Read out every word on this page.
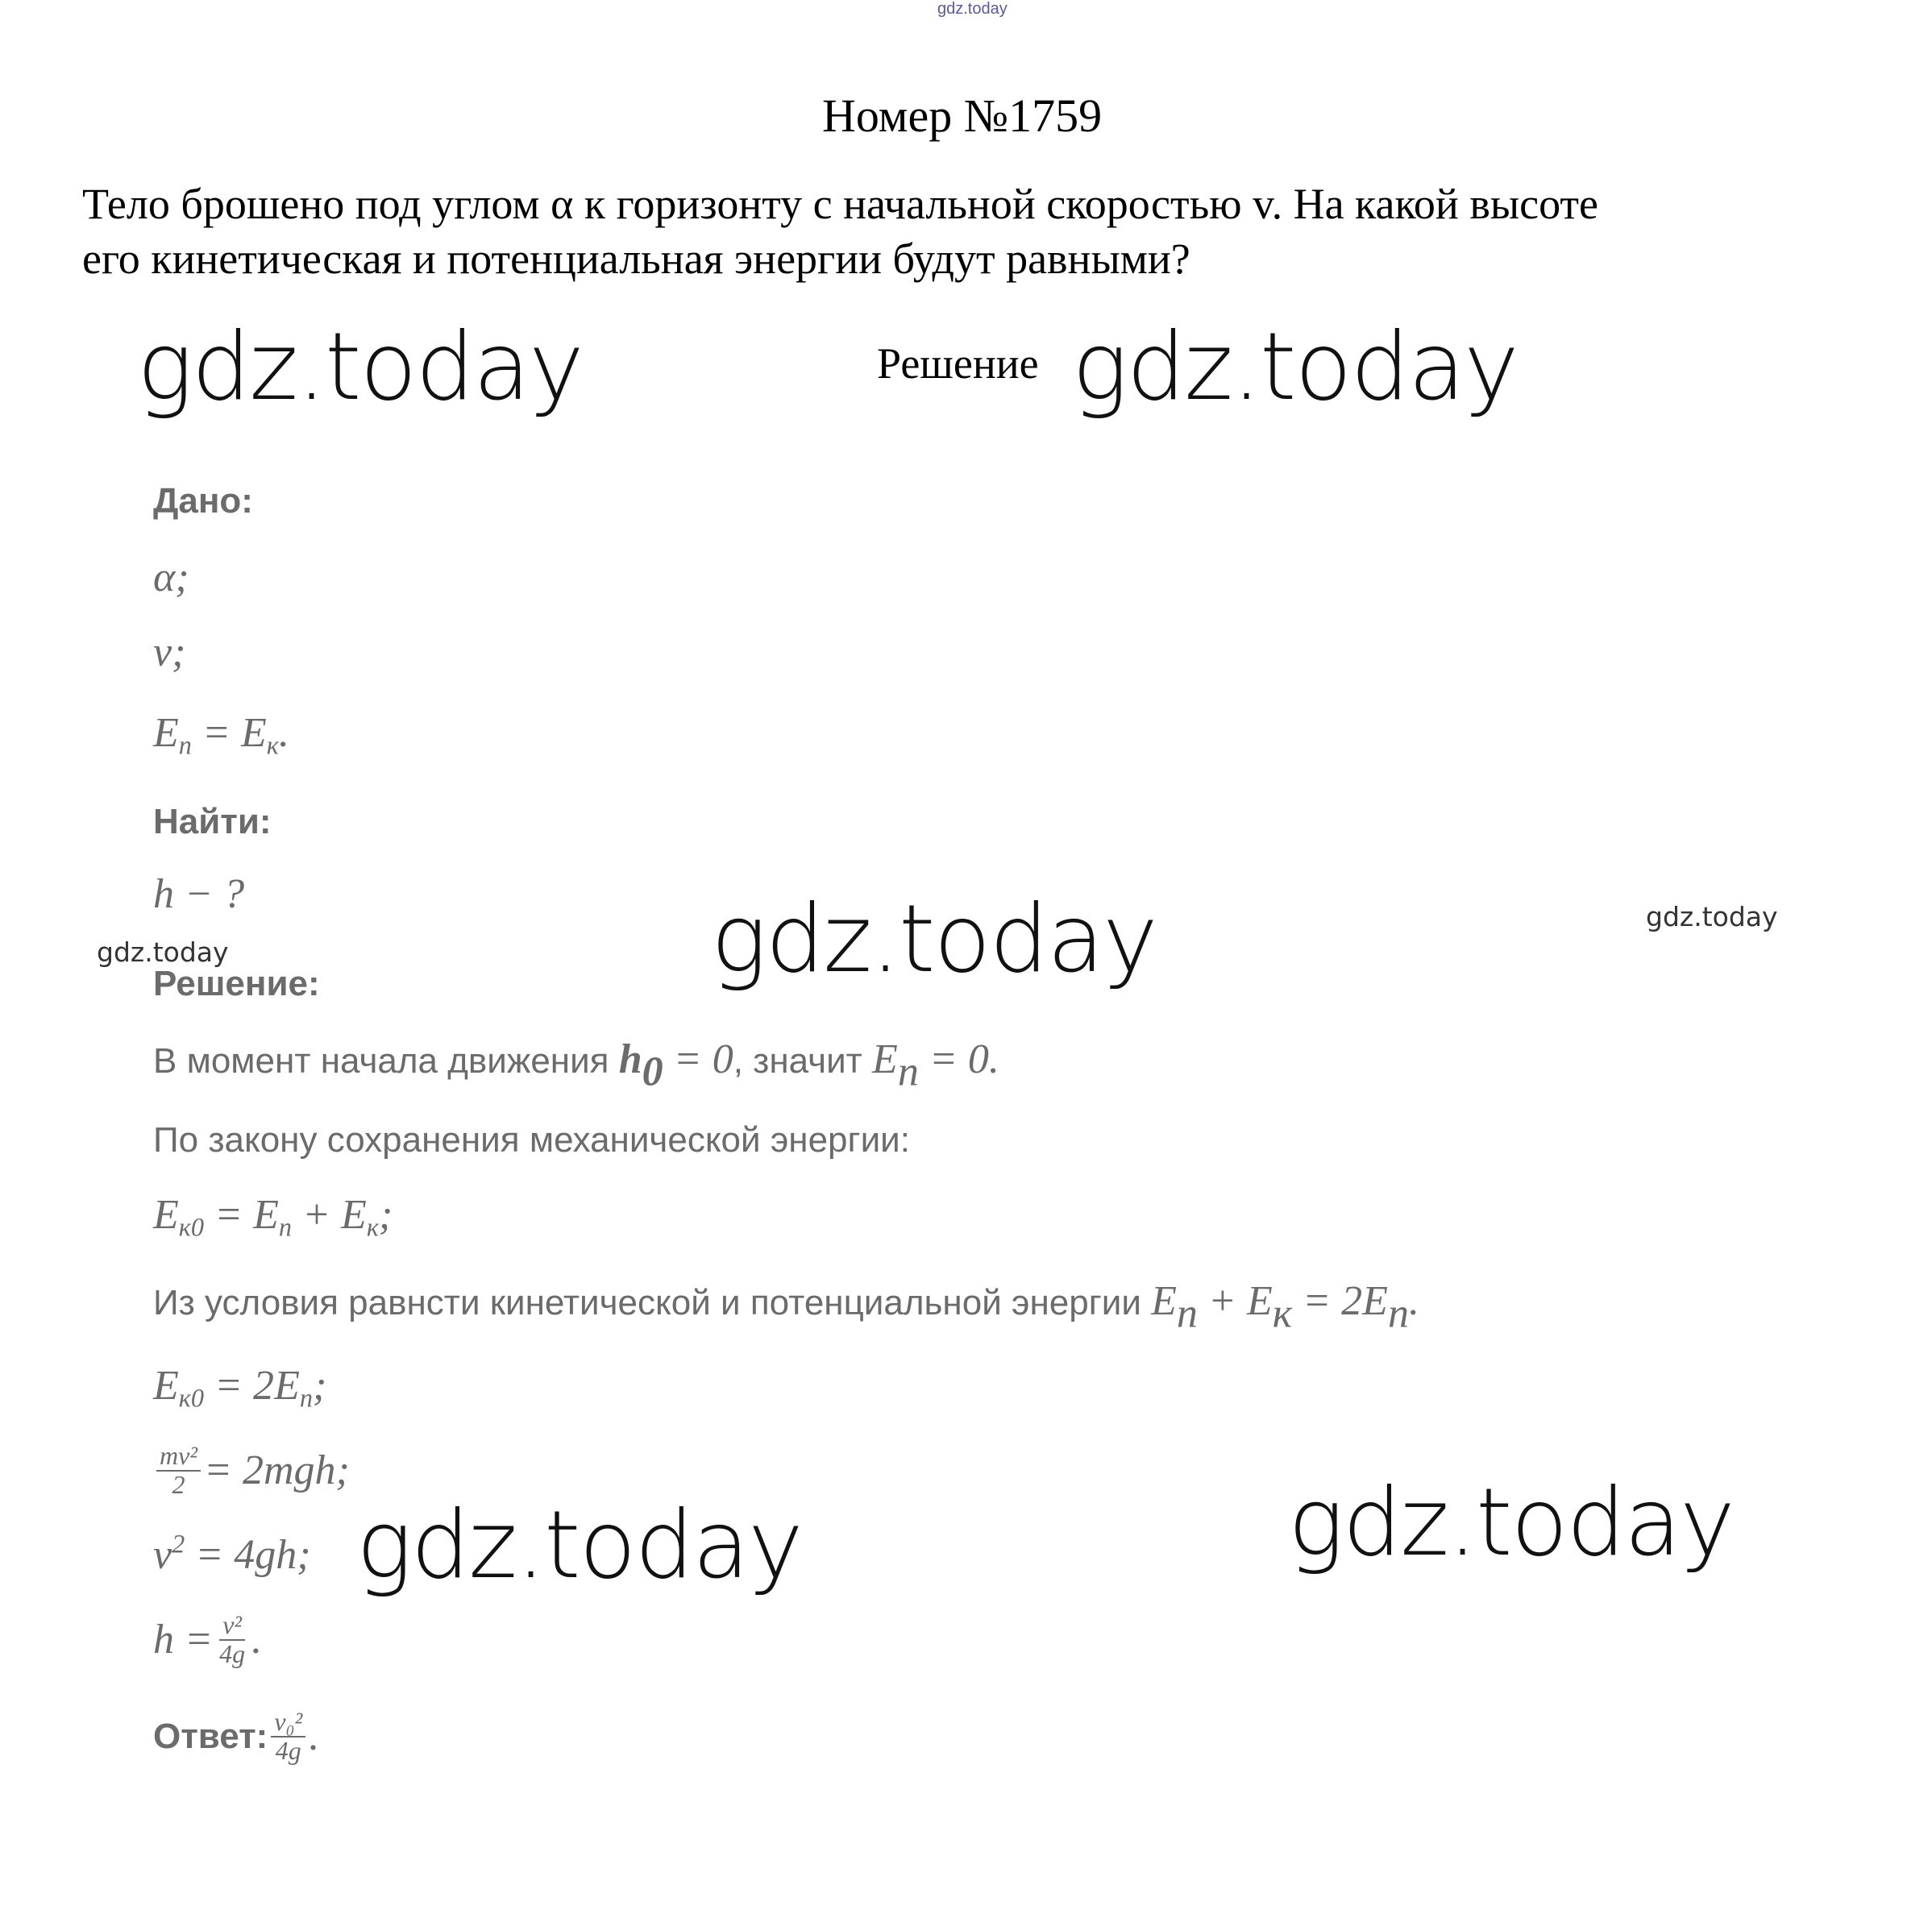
gdz.today
Номер №1759
Тело брошено под углом α к горизонту с начальной скоростью v. На какой высоте
его кинетическая и потенциальная энергии будут равными?
Решение
gdz.today	gdz.today
gdz.today
gdz.today	gdz.today
gdz.today
gdz.today
Дано:
α;
v;
$E_п = E_к$.
Найти:
h − ?
Решение:
В момент начала движения $h_0 = 0$, значит $E_п = 0$.
По закону сохранения механической энергии:
$E_{к0} = E_п + E_к$;
Из условия равнсти кинетической и потенциальной энергии $E_п + E_к = 2E_п$.
$E_{к0} = 2E_п$;
$\frac{\text{mv²}}{2} = 2mgh$;
$v^2 = 4gh$;
$h = \frac{\text{v²}}{4g}$ .
Ответ: $\frac{\text{v₀²}}{4g}$ .
